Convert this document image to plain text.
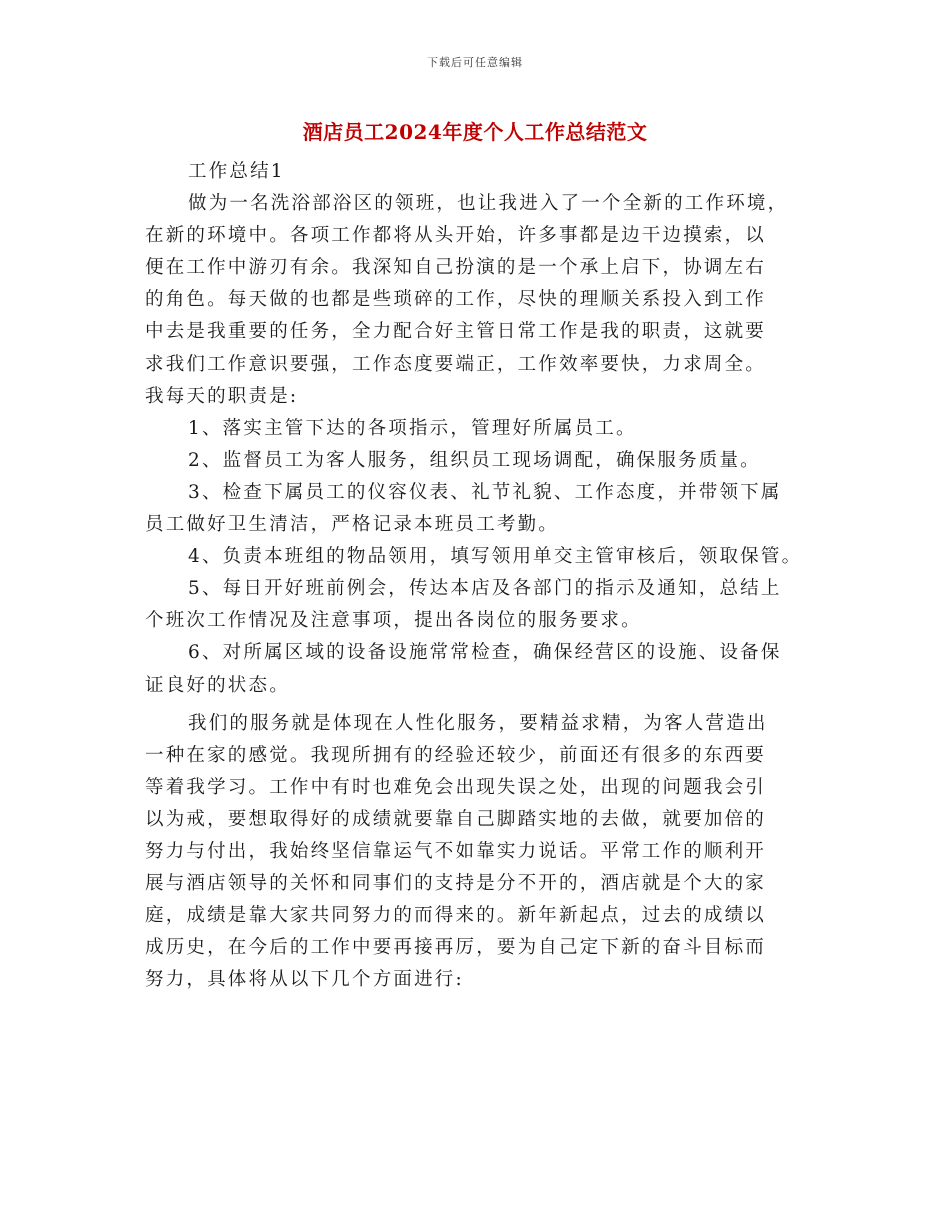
下载后可任意编辑
酒店员工2024年度个人工作总结范文
工作总结1
做为一名洗浴部浴区的领班，也让我进入了一个全新的工作环境，
在新的环境中。各项工作都将从头开始，许多事都是边干边摸索，以
便在工作中游刃有余。我深知自己扮演的是一个承上启下，协调左右
的角色。每天做的也都是些琐碎的工作，尽快的理顺关系投入到工作
中去是我重要的任务，全力配合好主管日常工作是我的职责，这就要
求我们工作意识要强，工作态度要端正，工作效率要快，力求周全。
我每天的职责是:
1、落实主管下达的各项指示，管理好所属员工。
2、监督员工为客人服务，组织员工现场调配，确保服务质量。
3、检查下属员工的仪容仪表、礼节礼貌、工作态度，并带领下属
员工做好卫生清洁，严格记录本班员工考勤。
4、负责本班组的物品领用，填写领用单交主管审核后，领取保管。
5、每日开好班前例会，传达本店及各部门的指示及通知，总结上
个班次工作情况及注意事项，提出各岗位的服务要求。
6、对所属区域的设备设施常常检查，确保经营区的设施、设备保
证良好的状态。
我们的服务就是体现在人性化服务，要精益求精，为客人营造出
一种在家的感觉。我现所拥有的经验还较少，前面还有很多的东西要
等着我学习。工作中有时也难免会出现失误之处，出现的问题我会引
以为戒，要想取得好的成绩就要靠自己脚踏实地的去做，就要加倍的
努力与付出，我始终坚信靠运气不如靠实力说话。平常工作的顺利开
展与酒店领导的关怀和同事们的支持是分不开的，酒店就是个大的家
庭，成绩是靠大家共同努力的而得来的。新年新起点，过去的成绩以
成历史，在今后的工作中要再接再厉，要为自己定下新的奋斗目标而
努力，具体将从以下几个方面进行:
